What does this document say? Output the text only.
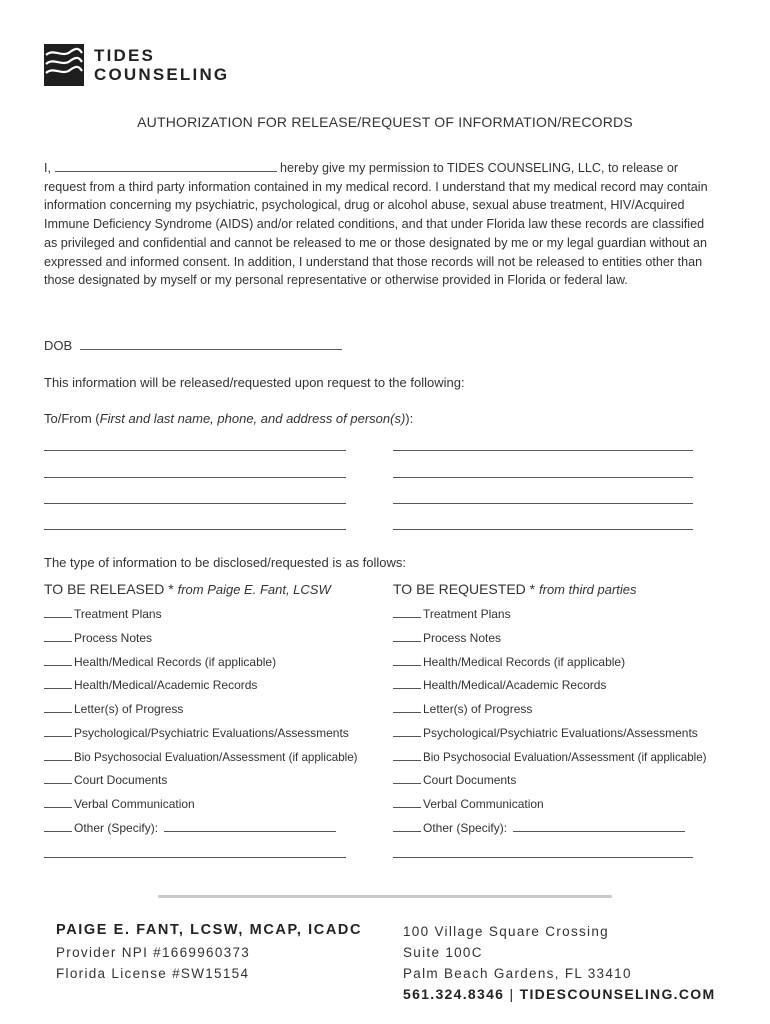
TIDES
COUNSELING
AUTHORIZATION FOR RELEASE/REQUEST OF INFORMATION/RECORDS
I,	hereby give my permission to TIDES COUNSELING, LLC, to release or request from a third party information contained in my medical record. I understand that my medical record may contain information concerning my psychiatric, psychological, drug or alcohol abuse, sexual abuse treatment, HIV/Acquired Immune Deficiency Syndrome (AIDS) and/or related conditions, and that under Florida law these records are classified as privileged and confidential and cannot be released to me or those designated by me or my legal guardian without an expressed and informed consent. In addition, I understand that those records will not be released to entities other than those designated by myself or my personal representative or otherwise provided in Florida or federal law.
DOB
This information will be released/requested upon request to the following:
To/From (First and last name, phone, and address of person(s)):
The type of information to be disclosed/requested is as follows:
TO BE RELEASED * from Paige E. Fant, LCSW	TO BE REQUESTED * from third parties
Treatment Plans
Process Notes
Health/Medical Records (if applicable)
Health/Medical/Academic Records
Letter(s) of Progress
Psychological/Psychiatric Evaluations/Assessments
Bio Psychosocial Evaluation/Assessment (if applicable)
Court Documents
Verbal Communication
Other (Specify):
Treatment Plans
Process Notes
Health/Medical Records (if applicable)
Health/Medical/Academic Records
Letter(s) of Progress
Psychological/Psychiatric Evaluations/Assessments
Bio Psychosocial Evaluation/Assessment (if applicable)
Court Documents
Verbal Communication
Other (Specify):
PAIGE E. FANT, LCSW, MCAP, ICADC
Provider NPI #1669960373
Florida License #SW15154
100 Village Square Crossing
Suite 100C
Palm Beach Gardens, FL 33410
561.324.8346 | TIDESCOUNSELING.COM
